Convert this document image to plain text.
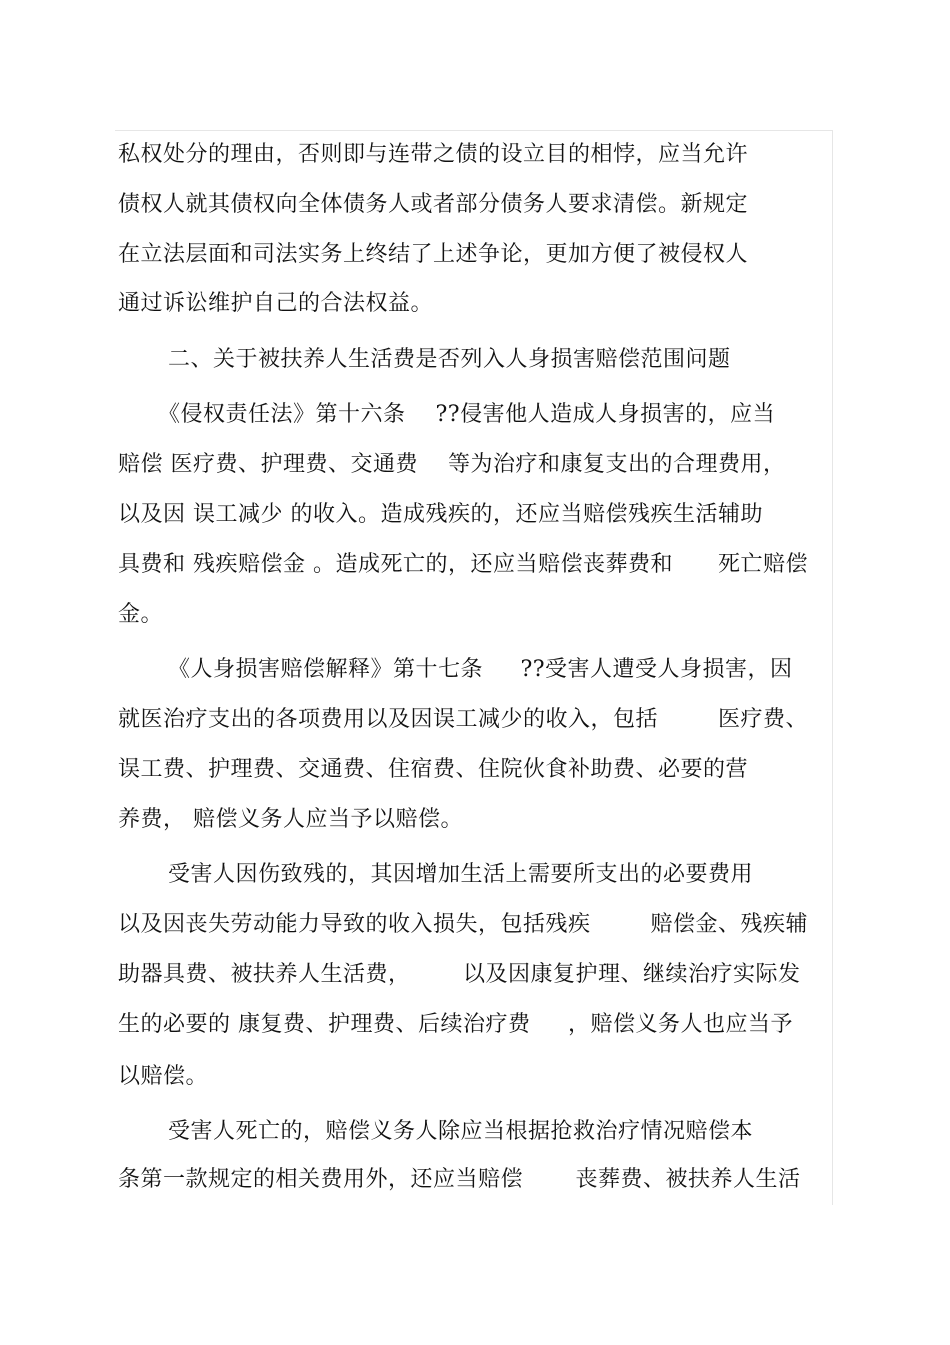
私权处分的理由，否则即与连带之债的设立目的相悖，应当允许
债权人就其债权向全体债务人或者部分债务人要求清偿。新规定
在立法层面和司法实务上终结了上述争论，更加方便了被侵权人
通过诉讼维护自己的合法权益。
二、关于被扶养人生活费是否列入人身损害赔偿范围问题
《侵权责任法》第十六条    ??侵害他人造成人身损害的，应当
赔偿 医疗费、护理费、交通费    等为治疗和康复支出的合理费用，
以及因 误工减少 的收入。造成残疾的，还应当赔偿残疾生活辅助
具费和 残疾赔偿金 。造成死亡的，还应当赔偿丧葬费和      死亡赔偿
金。
《人身损害赔偿解释》第十七条     ??受害人遭受人身损害，因
就医治疗支出的各项费用以及因误工减少的收入，包括        医疗费、
误工费、护理费、交通费、住宿费、住院伙食补助费、必要的营
养费， 赔偿义务人应当予以赔偿。
受害人因伤致残的，其因增加生活上需要所支出的必要费用
以及因丧失劳动能力导致的收入损失，包括残疾        赔偿金、残疾辅
助器具费、被扶养人生活费，       以及因康复护理、继续治疗实际发
生的必要的 康复费、护理费、后续治疗费     ，赔偿义务人也应当予
以赔偿。
受害人死亡的，赔偿义务人除应当根据抢救治疗情况赔偿本
条第一款规定的相关费用外，还应当赔偿       丧葬费、被扶养人生活
